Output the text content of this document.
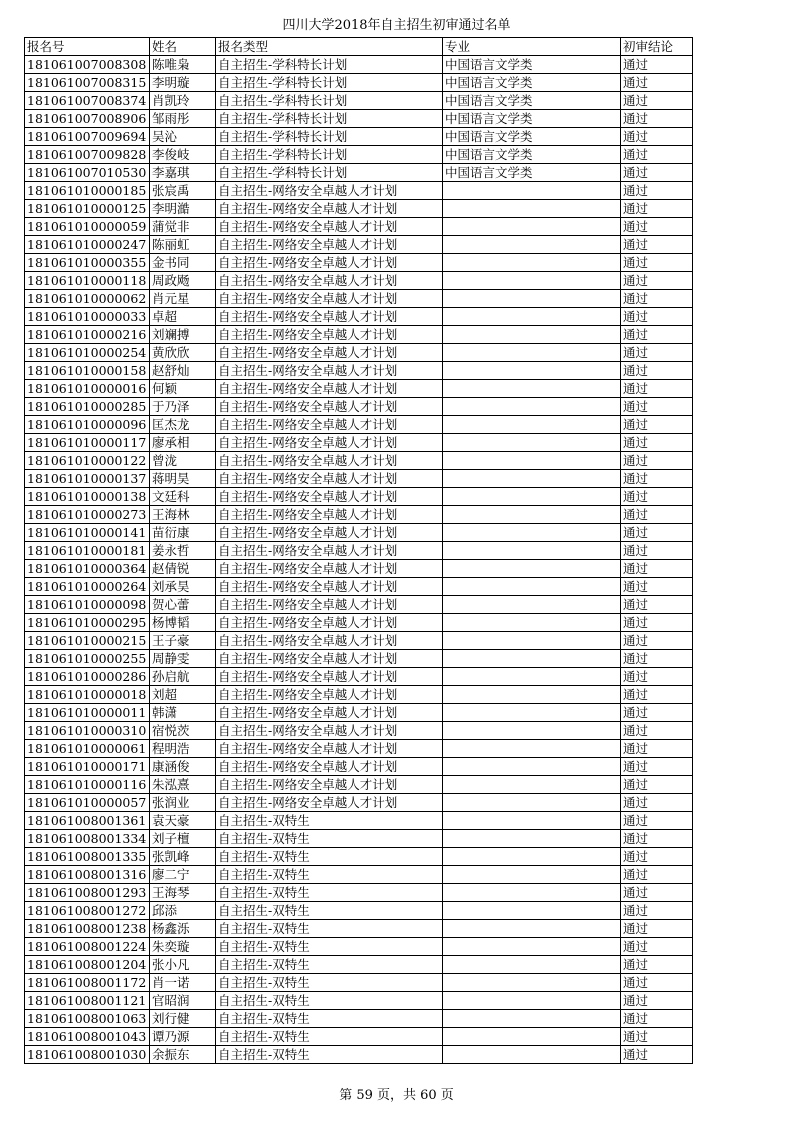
四川大学2018年自主招生初审通过名单
报名号	姓名	报名类型	专业	初审结论
181061007008308	陈唯枭	自主招生-学科特长计划	中国语言文学类	通过
181061007008315	李明璇	自主招生-学科特长计划	中国语言文学类	通过
181061007008374	肖凯玲	自主招生-学科特长计划	中国语言文学类	通过
181061007008906	邹雨彤	自主招生-学科特长计划	中国语言文学类	通过
181061007009694	吴沁	自主招生-学科特长计划	中国语言文学类	通过
181061007009828	李俊岐	自主招生-学科特长计划	中国语言文学类	通过
181061007010530	李嘉琪	自主招生-学科特长计划	中国语言文学类	通过
181061010000185	张宸禹	自主招生-网络安全卓越人才计划		通过
181061010000125	李明澔	自主招生-网络安全卓越人才计划		通过
181061010000059	蒲觉非	自主招生-网络安全卓越人才计划		通过
181061010000247	陈丽虹	自主招生-网络安全卓越人才计划		通过
181061010000355	金书同	自主招生-网络安全卓越人才计划		通过
181061010000118	周政飏	自主招生-网络安全卓越人才计划		通过
181061010000062	肖元星	自主招生-网络安全卓越人才计划		通过
181061010000033	卓超	自主招生-网络安全卓越人才计划		通过
181061010000216	刘斓搏	自主招生-网络安全卓越人才计划		通过
181061010000254	黄欣欣	自主招生-网络安全卓越人才计划		通过
181061010000158	赵舒灿	自主招生-网络安全卓越人才计划		通过
181061010000016	何颖	自主招生-网络安全卓越人才计划		通过
181061010000285	于乃泽	自主招生-网络安全卓越人才计划		通过
181061010000096	匡杰龙	自主招生-网络安全卓越人才计划		通过
181061010000117	廖承相	自主招生-网络安全卓越人才计划		通过
181061010000122	曾泷	自主招生-网络安全卓越人才计划		通过
181061010000137	蒋明昊	自主招生-网络安全卓越人才计划		通过
181061010000138	文廷科	自主招生-网络安全卓越人才计划		通过
181061010000273	王海林	自主招生-网络安全卓越人才计划		通过
181061010000141	苗衍康	自主招生-网络安全卓越人才计划		通过
181061010000181	姜永哲	自主招生-网络安全卓越人才计划		通过
181061010000364	赵倩锐	自主招生-网络安全卓越人才计划		通过
181061010000264	刘承昊	自主招生-网络安全卓越人才计划		通过
181061010000098	贺心蕾	自主招生-网络安全卓越人才计划		通过
181061010000295	杨博韬	自主招生-网络安全卓越人才计划		通过
181061010000215	王子豪	自主招生-网络安全卓越人才计划		通过
181061010000255	周静雯	自主招生-网络安全卓越人才计划		通过
181061010000286	孙启航	自主招生-网络安全卓越人才计划		通过
181061010000018	刘超	自主招生-网络安全卓越人才计划		通过
181061010000011	韩潇	自主招生-网络安全卓越人才计划		通过
181061010000310	宿悦茨	自主招生-网络安全卓越人才计划		通过
181061010000061	程明浩	自主招生-网络安全卓越人才计划		通过
181061010000171	康涵俊	自主招生-网络安全卓越人才计划		通过
181061010000116	朱泓熹	自主招生-网络安全卓越人才计划		通过
181061010000057	张润业	自主招生-网络安全卓越人才计划		通过
181061008001361	袁天豪	自主招生-双特生		通过
181061008001334	刘子檀	自主招生-双特生		通过
181061008001335	张凯峰	自主招生-双特生		通过
181061008001316	廖二宁	自主招生-双特生		通过
181061008001293	王海琴	自主招生-双特生		通过
181061008001272	邱添	自主招生-双特生		通过
181061008001238	杨鑫泺	自主招生-双特生		通过
181061008001224	朱奕璇	自主招生-双特生		通过
181061008001204	张小凡	自主招生-双特生		通过
181061008001172	肖一诺	自主招生-双特生		通过
181061008001121	官昭润	自主招生-双特生		通过
181061008001063	刘行健	自主招生-双特生		通过
181061008001043	谭乃源	自主招生-双特生		通过
181061008001030	余振东	自主招生-双特生		通过
第 59 页，共 60 页
